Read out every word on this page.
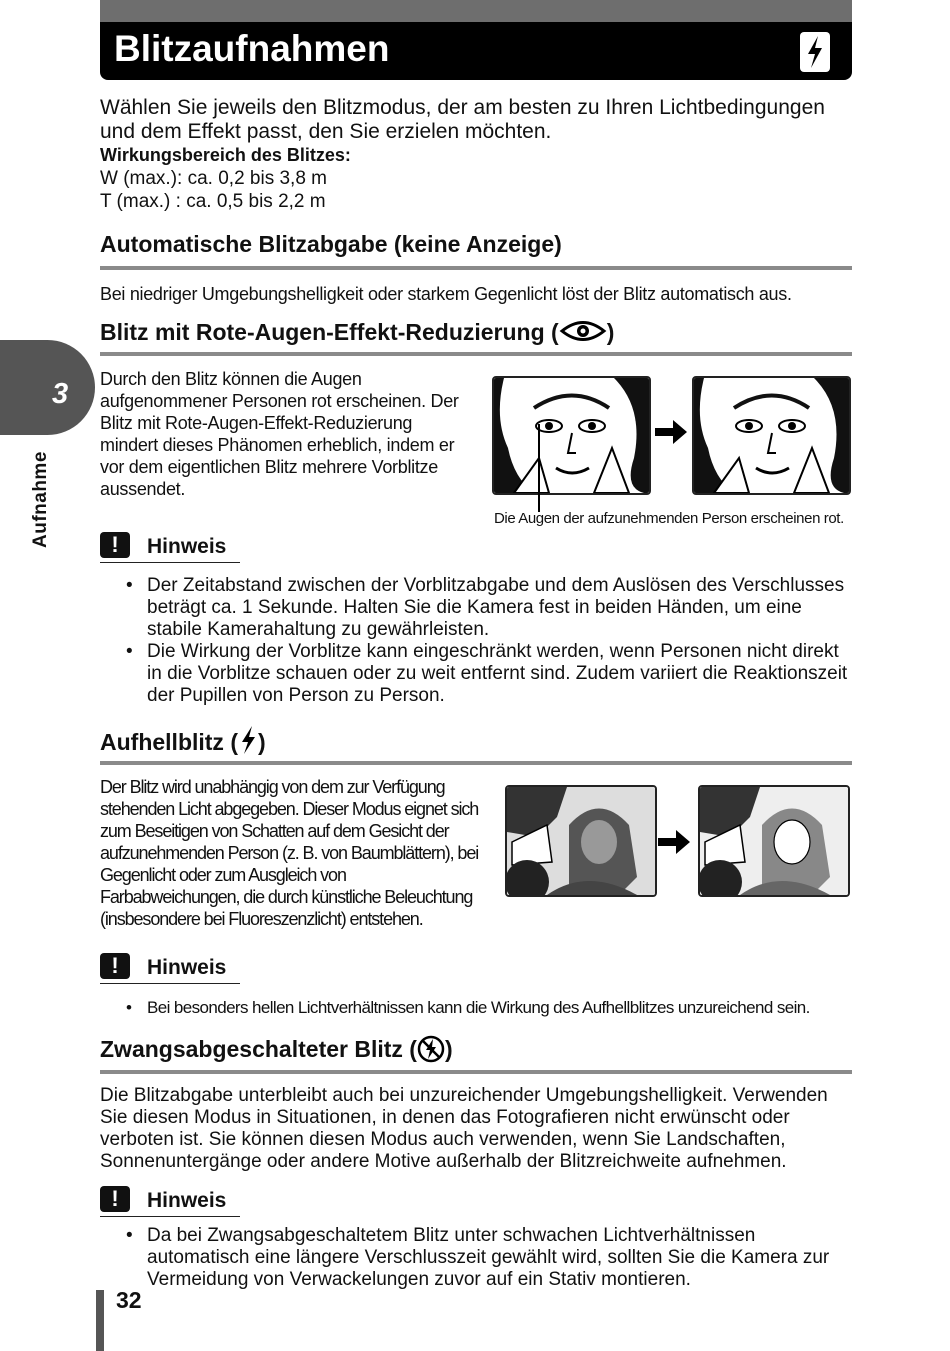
Blitzaufnahmen
3
Aufnahme
Wählen Sie jeweils den Blitzmodus, der am besten zu Ihren Lichtbedingungen und dem Effekt passt, den Sie erzielen möchten.
Wirkungsbereich des Blitzes:
W (max.): ca. 0,2 bis 3,8 m
T (max.) : ca. 0,5 bis 2,2 m
Automatische Blitzabgabe (keine Anzeige)
Bei niedriger Umgebungshelligkeit oder starkem Gegenlicht löst der Blitz automatisch aus.
Blitz mit Rote-Augen-Effekt-Reduzierung ( )
Durch den Blitz können die Augen aufgenommener Personen rot erscheinen. Der Blitz mit Rote-Augen-Effekt-Reduzierung mindert dieses Phänomen erheblich, indem er vor dem eigentlichen Blitz mehrere Vorblitze aussendet.
Die Augen der aufzunehmenden Person erscheinen rot.
!	Hinweis
• Der Zeitabstand zwischen der Vorblitzabgabe und dem Auslösen des Verschlusses beträgt ca. 1 Sekunde. Halten Sie die Kamera fest in beiden Händen, um eine stabile Kamerahaltung zu gewährleisten.
• Die Wirkung der Vorblitze kann eingeschränkt werden, wenn Personen nicht direkt in die Vorblitze schauen oder zu weit entfernt sind. Zudem variiert die Reaktionszeit der Pupillen von Person zu Person.
Aufhellblitz ( )
Der Blitz wird unabhängig von dem zur Verfügung stehenden Licht abgegeben. Dieser Modus eignet sich zum Beseitigen von Schatten auf dem Gesicht der aufzunehmenden Person (z. B. von Baumblättern), bei Gegenlicht oder zum Ausgleich von Farbabweichungen, die durch künstliche Beleuchtung (insbesondere bei Fluoreszenzlicht) entstehen.
!	Hinweis
• Bei besonders hellen Lichtverhältnissen kann die Wirkung des Aufhellblitzes unzureichend sein.
Zwangsabgeschalteter Blitz ( )
Die Blitzabgabe unterbleibt auch bei unzureichender Umgebungshelligkeit. Verwenden Sie diesen Modus in Situationen, in denen das Fotografieren nicht erwünscht oder verboten ist. Sie können diesen Modus auch verwenden, wenn Sie Landschaften, Sonnenuntergänge oder andere Motive außerhalb der Blitzreichweite aufnehmen.
!	Hinweis
• Da bei Zwangsabgeschaltetem Blitz unter schwachen Lichtverhältnissen automatisch eine längere Verschlusszeit gewählt wird, sollten Sie die Kamera zur Vermeidung von Verwackelungen zuvor auf ein Stativ montieren.
32
